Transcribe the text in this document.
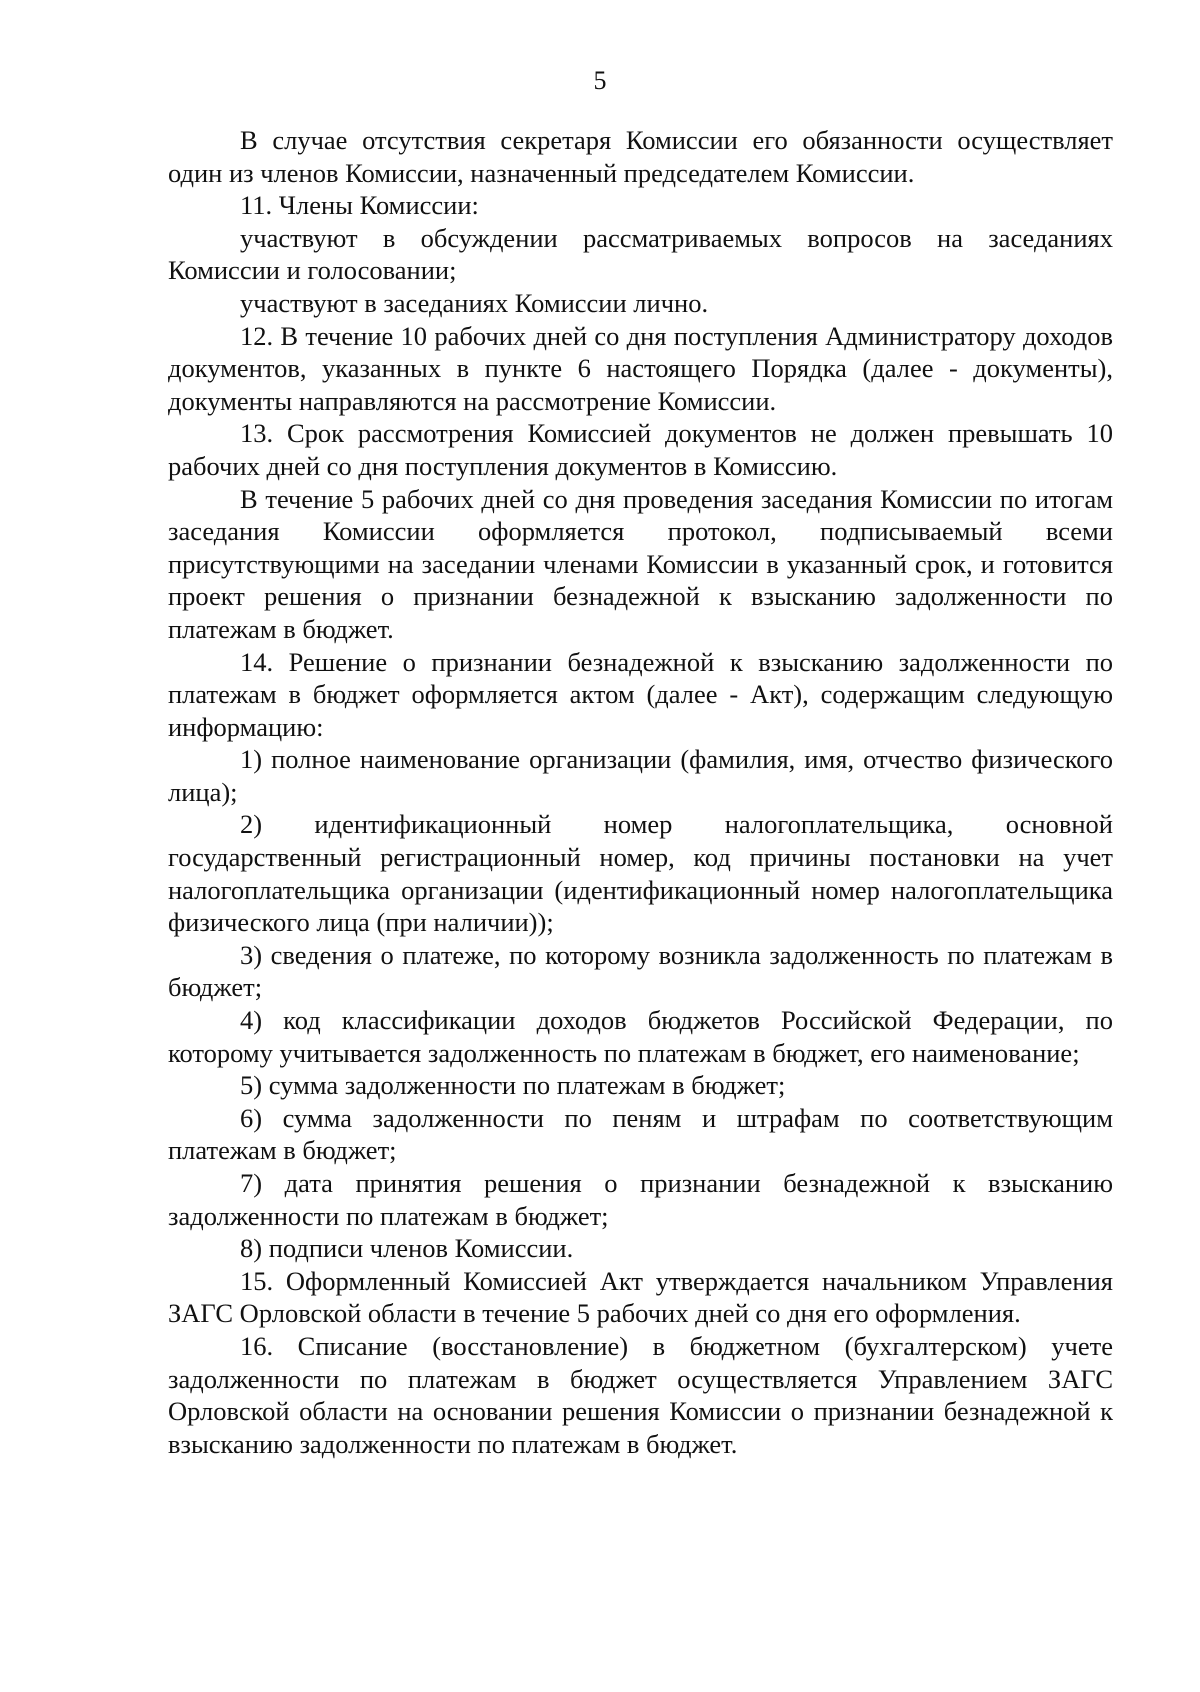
5

В случае отсутствия секретаря Комиссии его обязанности осуществляет один из членов Комиссии, назначенный председателем Комиссии.

11. Члены Комиссии:

участвуют в обсуждении рассматриваемых вопросов на заседаниях Комиссии и голосовании;

участвуют в заседаниях Комиссии лично.

12. В течение 10 рабочих дней со дня поступления Администратору доходов документов, указанных в пункте 6 настоящего Порядка (далее - документы), документы направляются на рассмотрение Комиссии.

13. Срок рассмотрения Комиссией документов не должен превышать 10 рабочих дней со дня поступления документов в Комиссию.

В течение 5 рабочих дней со дня проведения заседания Комиссии по итогам заседания Комиссии оформляется протокол, подписываемый всеми присутствующими на заседании членами Комиссии в указанный срок, и готовится проект решения о признании безнадежной к взысканию задолженности по платежам в бюджет.

14. Решение о признании безнадежной к взысканию задолженности по платежам в бюджет оформляется актом (далее - Акт), содержащим следующую информацию:

1) полное наименование организации (фамилия, имя, отчество физического лица);

2) идентификационный номер налогоплательщика, основной государственный регистрационный номер, код причины постановки на учет налогоплательщика организации (идентификационный номер налогоплательщика физического лица (при наличии));

3) сведения о платеже, по которому возникла задолженность по платежам в бюджет;

4) код классификации доходов бюджетов Российской Федерации, по которому учитывается задолженность по платежам в бюджет, его наименование;

5) сумма задолженности по платежам в бюджет;

6) сумма задолженности по пеням и штрафам по соответствующим платежам в бюджет;

7) дата принятия решения о признании безнадежной к взысканию задолженности по платежам в бюджет;

8) подписи членов Комиссии.

15. Оформленный Комиссией Акт утверждается начальником Управления ЗАГС Орловской области в течение 5 рабочих дней со дня его оформления.

16. Списание (восстановление) в бюджетном (бухгалтерском) учете задолженности по платежам в бюджет осуществляется Управлением ЗАГС Орловской области на основании решения Комиссии о признании безнадежной к взысканию задолженности по платежам в бюджет.
